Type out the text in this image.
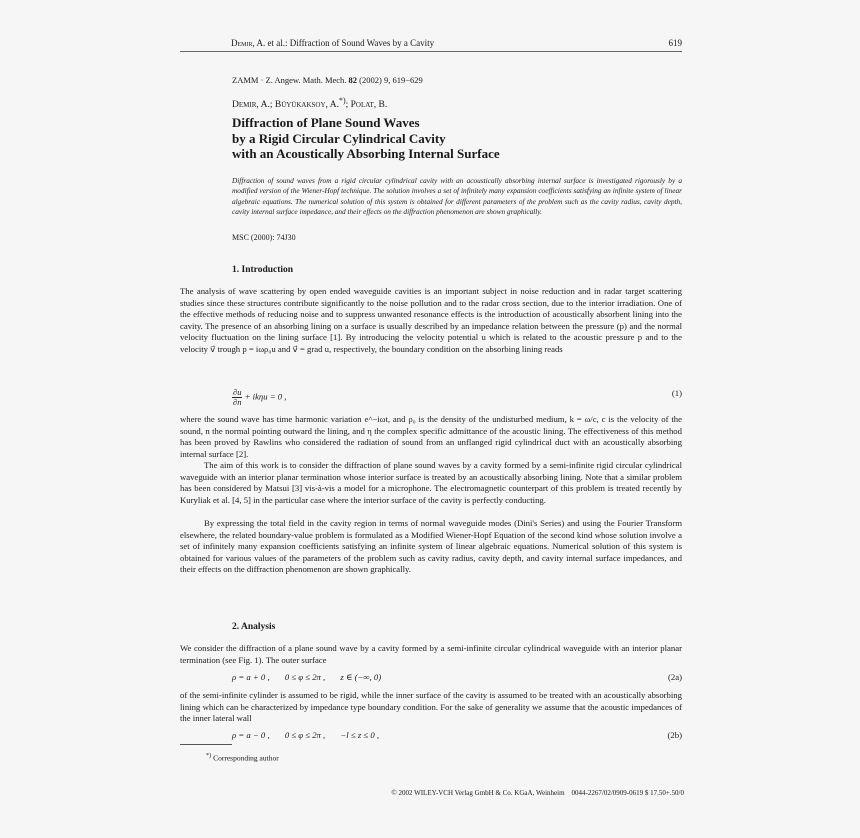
Demir, A. et al.: Diffraction of Sound Waves by a Cavity	619
ZAMM · Z. Angew. Math. Mech. 82 (2002) 9, 619−629
Demir, A.; Büyükaksoy, A.*); Polat, B.
Diffraction of Plane Sound Waves
by a Rigid Circular Cylindrical Cavity
with an Acoustically Absorbing Internal Surface
Diffraction of sound waves from a rigid circular cylindrical cavity with an acoustically absorbing internal surface is investigated rigorously by a modified version of the Wiener-Hopf technique. The solution involves a set of infinitely many expansion coefficients satisfying an infinite system of linear algebraic equations. The numerical solution of this system is obtained for different parameters of the problem such as the cavity radius, cavity depth, cavity internal surface impedance, and their effects on the diffraction phenomenon are shown graphically.
MSC (2000): 74J30
1. Introduction
The analysis of wave scattering by open ended waveguide cavities is an important subject in noise reduction and in radar target scattering studies since these structures contribute significantly to the noise pollution and to the radar cross section, due to the interior irradiation. One of the effective methods of reducing noise and to suppress unwanted resonance effects is the introduction of acoustically absorbent lining into the cavity. The presence of an absorbing lining on a surface is usually described by an impedance relation between the pressure (p) and the normal velocity fluctuation on the lining surface [1]. By introducing the velocity potential u which is related to the acoustic pressure p and to the velocity v⃗ trough p = iωρ₀u and v⃗ = grad u, respectively, the boundary condition on the absorbing lining reads
$\frac{\partial u}{\partial n} + ik\eta u = 0$ ,	(1)
where the sound wave has time harmonic variation e^−iωt, and ρ₀ is the density of the undisturbed medium, k = ω/c, c is the velocity of the sound, n the normal pointing outward the lining, and η the complex specific admittance of the acoustic lining. The effectiveness of this method has been proved by Rawlins who considered the radiation of sound from an unflanged rigid cylindrical duct with an acoustically absorbing internal surface [2].
The aim of this work is to consider the diffraction of plane sound waves by a cavity formed by a semi-infinite rigid circular cylindrical waveguide with an interior planar termination whose interior surface is treated by an acoustically absorbing lining. Note that a similar problem has been considered by Matsui [3] vis-à-vis a model for a microphone. The electromagnetic counterpart of this problem is treated recently by Kuryliak et al. [4, 5] in the particular case where the interior surface of the cavity is perfectly conducting.
By expressing the total field in the cavity region in terms of normal waveguide modes (Dini's Series) and using the Fourier Transform elsewhere, the related boundary-value problem is formulated as a Modified Wiener-Hopf Equation of the second kind whose solution involve a set of infinitely many expansion coefficients satisfying an infinite system of linear algebraic equations. Numerical solution of this system is obtained for various values of the parameters of the problem such as cavity radius, cavity depth, and cavity internal surface impedances, and their effects on the diffraction phenomenon are shown graphically.
2. Analysis
We consider the diffraction of a plane sound wave by a cavity formed by a semi-infinite circular cylindrical waveguide with an interior planar termination (see Fig. 1). The outer surface
ρ = a + 0 ,       0 ≤ φ ≤ 2π ,       z ∈ (−∞, 0)	(2a)
of the semi-infinite cylinder is assumed to be rigid, while the inner surface of the cavity is assumed to be treated with an acoustically absorbing lining which can be characterized by impedance type boundary condition. For the sake of generality we assume that the acoustic impedances of the inner lateral wall
ρ = a − 0 ,       0 ≤ φ ≤ 2π ,       −l ≤ z ≤ 0 ,	(2b)
*) Corresponding author
© 2002 WILEY-VCH Verlag GmbH & Co. KGaA, Weinheim    0044-2267/02/0909-0619 $ 17.50+.50/0
